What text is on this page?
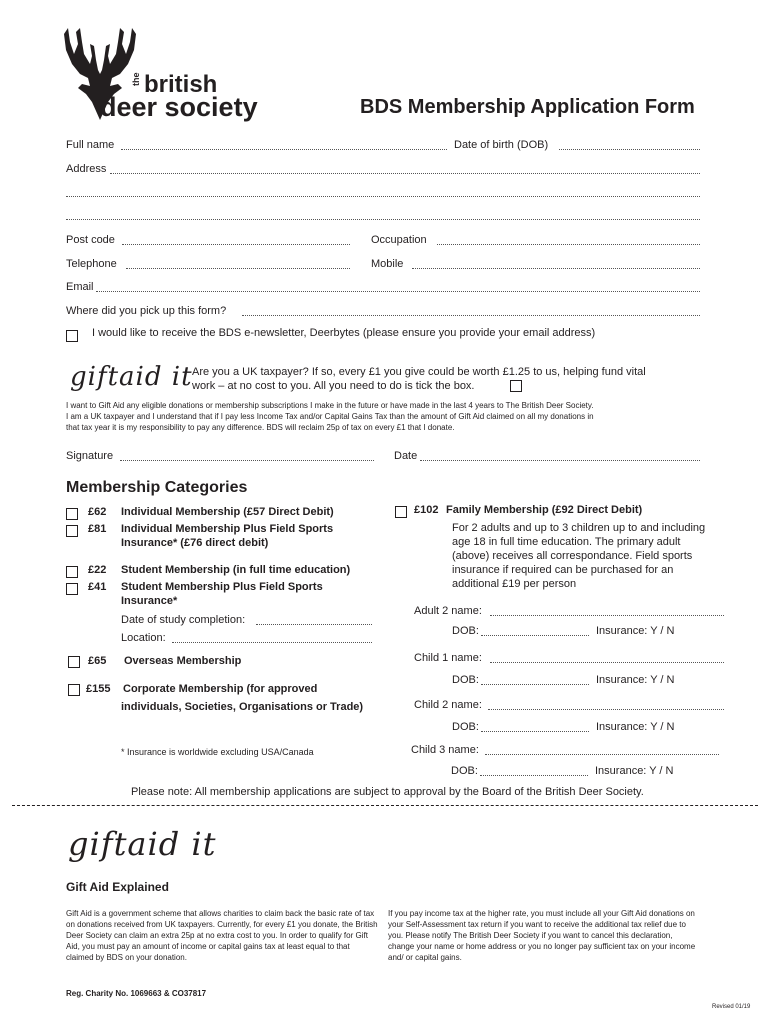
the british
deer society	BDS Membership Application Form
Full name	Date of birth (DOB)
Address
Post code	Occupation
Telephone	Mobile
Email
Where did you pick up this form?
I would like to receive the BDS e-newsletter, Deerbytes (please ensure you provide your email address)
giftaid it Are you a UK taxpayer? If so, every £1 you give could be worth £1.25 to us, helping fund vital
work – at no cost to you. All you need to do is tick the box.
I want to Gift Aid any eligible donations or membership subscriptions I make in the future or have made in the last 4 years to The British Deer Society.
I am a UK taxpayer and I understand that if I pay less Income Tax and/or Capital Gains Tax than the amount of Gift Aid claimed on all my donations in
that tax year it is my responsibility to pay any difference. BDS will reclaim 25p of tax on every £1 that I donate.
Signature	Date
Membership Categories
£62 Individual Membership (£57 Direct Debit)
£81 Individual Membership Plus Field Sports
Insurance* (£76 direct debit)
£22 Student Membership (in full time education)
£41 Student Membership Plus Field Sports
Insurance*
Date of study completion:
Location:
£65 Overseas Membership
£155 Corporate Membership (for approved
individuals, Societies, Organisations or Trade)
* Insurance is worldwide excluding USA/Canada
£102 Family Membership (£92 Direct Debit)
For 2 adults and up to 3 children up to and including
age 18 in full time education. The primary adult
(above) receives all correspondance. Field sports
insurance if required can be purchased for an
additional £19 per person
Adult 2 name:
DOB:	Insurance: Y / N
Child 1 name:
DOB:	Insurance: Y / N
Child 2 name:
DOB:	Insurance: Y / N
Child 3 name:
DOB:	Insurance: Y / N
Please note: All membership applications are subject to approval by the Board of the British Deer Society.
giftaid it
Gift Aid Explained
Gift Aid is a government scheme that allows charities to claim back the basic rate of tax on donations received from UK taxpayers. Currently, for every £1 you donate, the British Deer Society can claim an extra 25p at no extra cost to you. In order to qualify for Gift Aid, you must pay an amount of income or capital gains tax at least equal to that claimed by BDS on your donation.
If you pay income tax at the higher rate, you must include all your Gift Aid donations on your Self-Assessment tax return if you want to receive the additional tax relief due to you. Please notify The British Deer Society if you want to cancel this declaration, change your name or home address or you no longer pay sufficient tax on your income and/ or capital gains.
Reg. Charity No. 1069663 & CO37817
Revised 01/19
